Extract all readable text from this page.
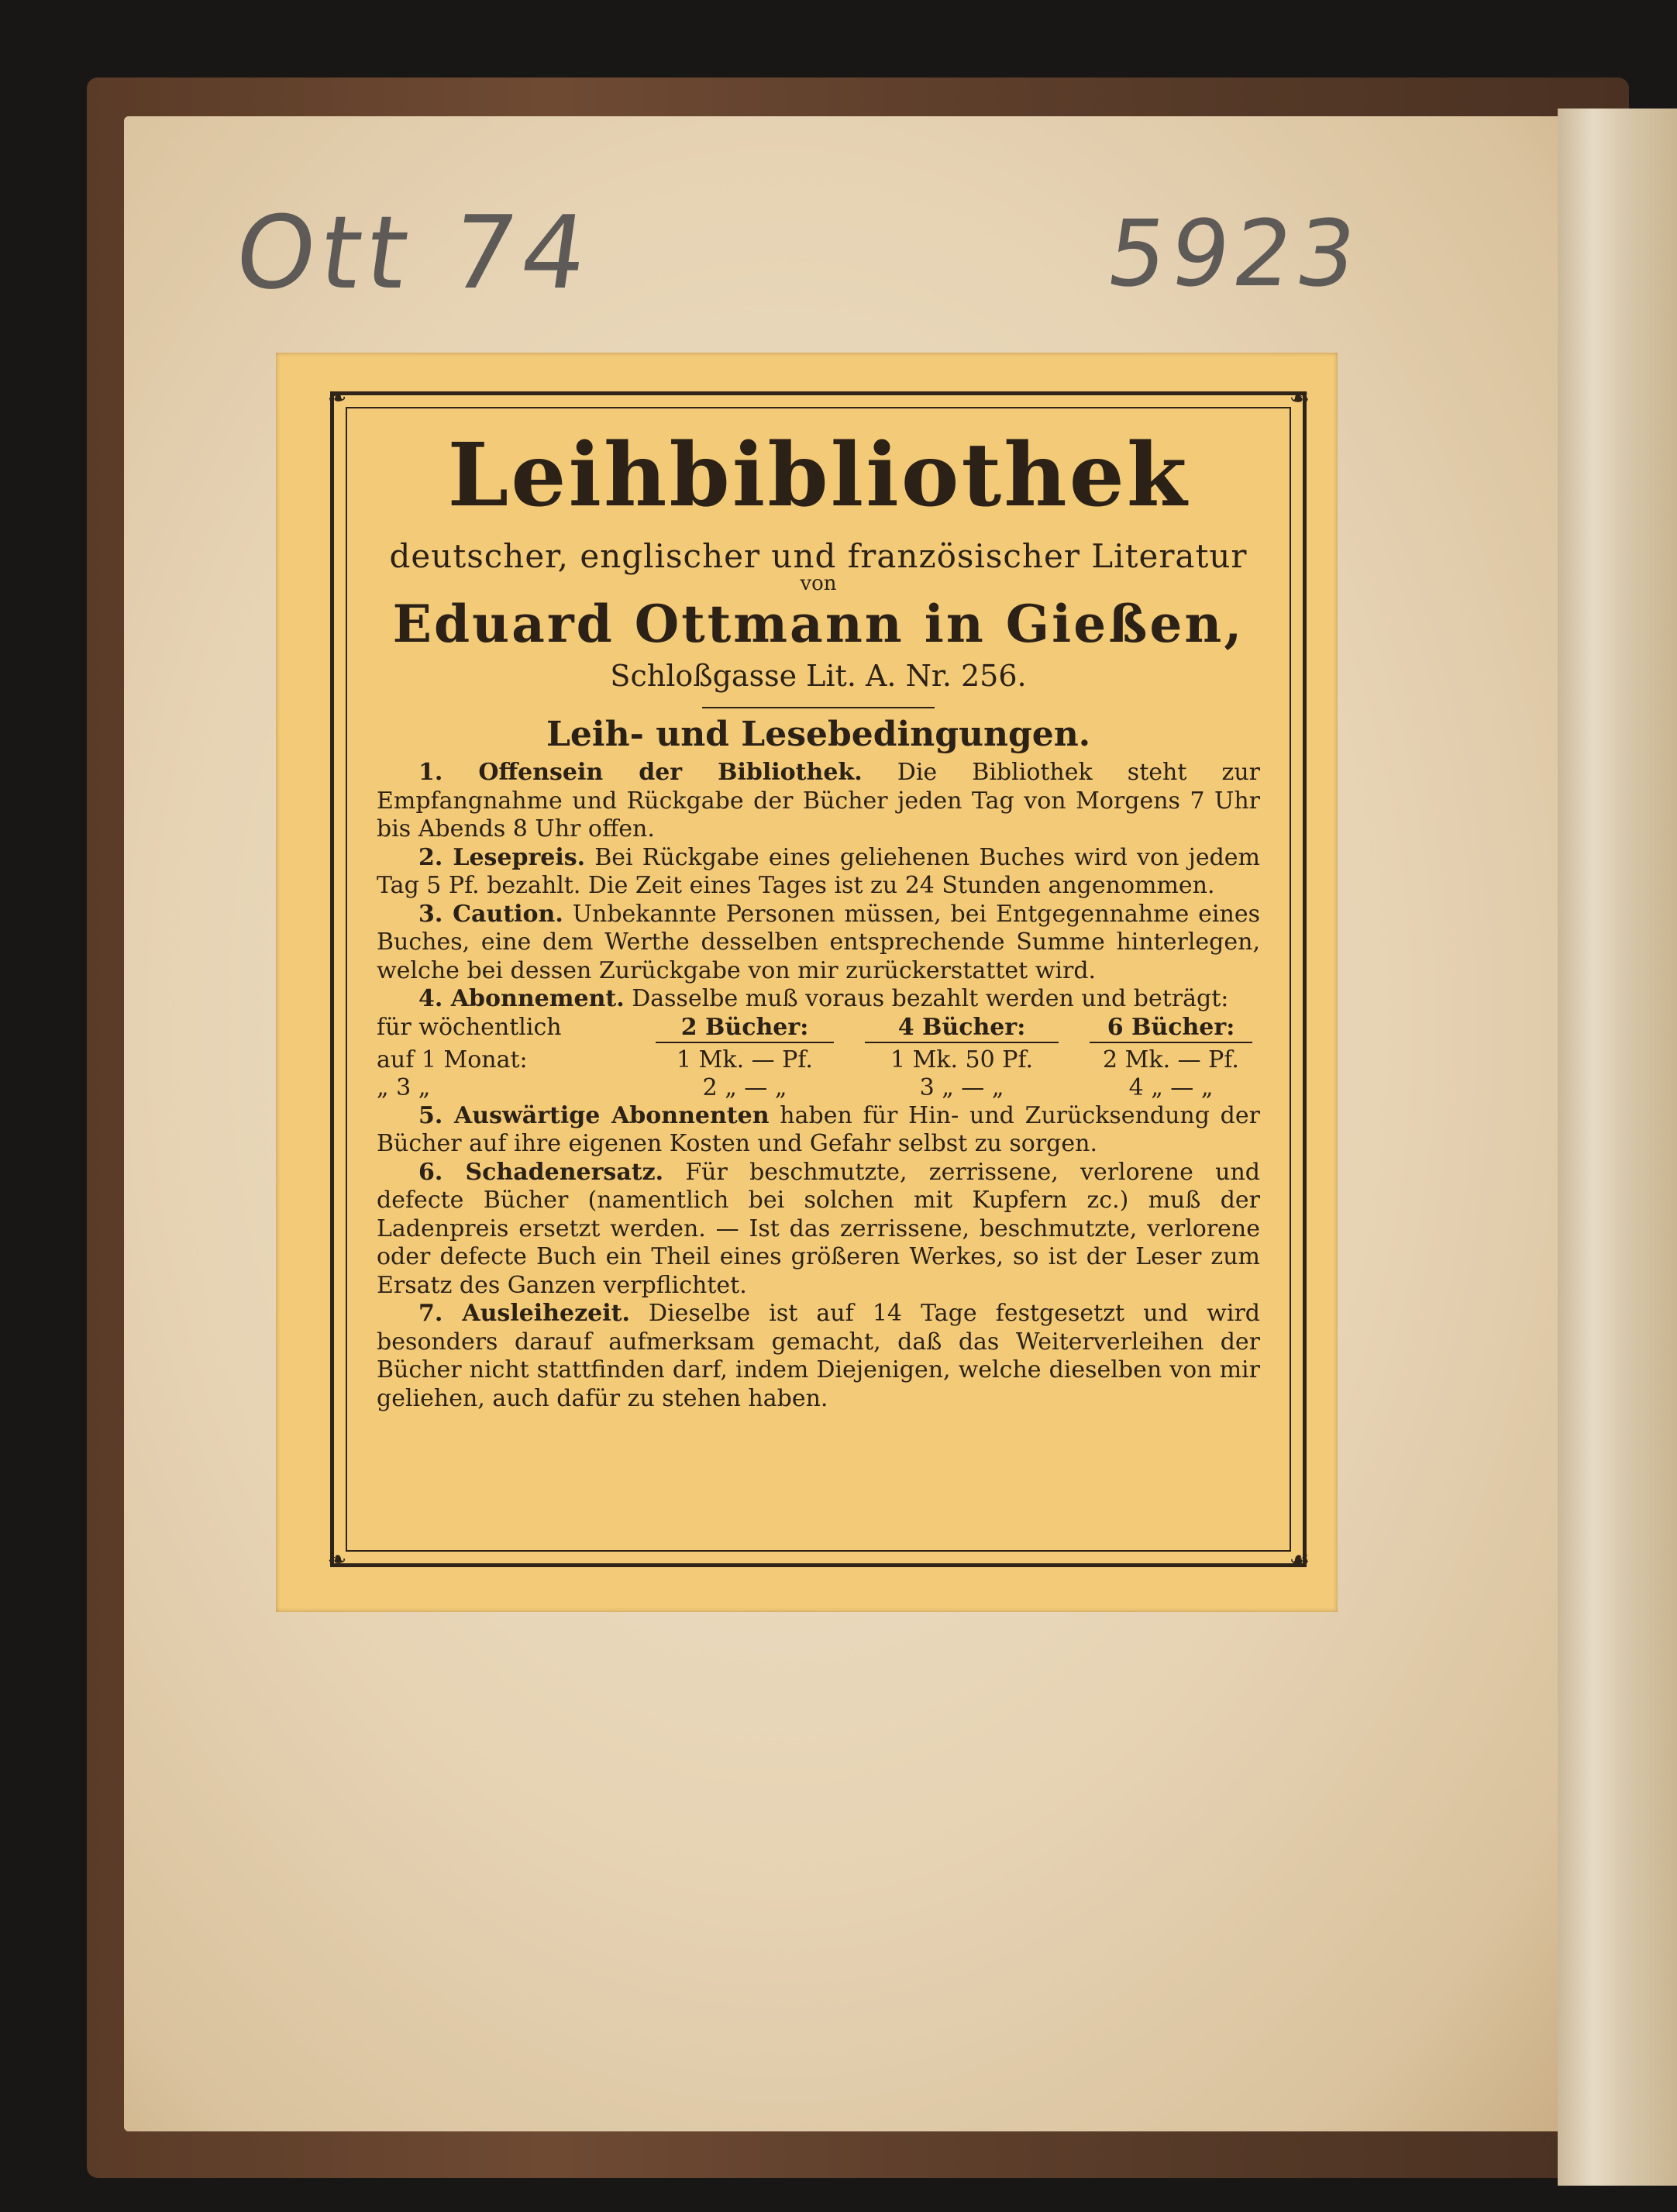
Ott 74	5923
❧	☙
❧	☙
Leihbibliothek
deutscher, englischer und französischer Literatur
von
Eduard Ottmann in Gießen,
Schloßgasse Lit. A. Nr. 256.
Leih- und Lesebedingungen.

1. Offensein der Bibliothek. Die Bibliothek steht zur Empfangnahme und Rückgabe der Bücher jeden Tag von Morgens 7 Uhr bis Abends 8 Uhr offen.

2. Lesepreis. Bei Rückgabe eines geliehenen Buches wird von jedem Tag 5 Pf. bezahlt. Die Zeit eines Tages ist zu 24 Stunden angenommen.

3. Caution. Unbekannte Personen müssen, bei Entgegennahme eines Buches, eine dem Werthe desselben entsprechende Summe hinterlegen, welche bei dessen Zurückgabe von mir zurückerstattet wird.

4. Abonnement. Dasselbe muß voraus bezahlt werden und beträgt:

für wöchentlich	2 Bücher:	4 Bücher:	6 Bücher:
auf 1 Monat:	1 Mk. — Pf.	1 Mk. 50 Pf.	2 Mk. — Pf.
„ 3 „	2 „ — „	3 „ — „	4 „ — „

5. Auswärtige Abonnenten haben für Hin- und Zurücksendung der Bücher auf ihre eigenen Kosten und Gefahr selbst zu sorgen.

6. Schadenersatz. Für beschmutzte, zerrissene, verlorene und defecte Bücher (namentlich bei solchen mit Kupfern zc.) muß der Ladenpreis ersetzt werden. — Ist das zerrissene, beschmutzte, verlorene oder defecte Buch ein Theil eines größeren Werkes, so ist der Leser zum Ersatz des Ganzen verpflichtet.

7. Ausleihezeit. Dieselbe ist auf 14 Tage festgesetzt und wird besonders darauf aufmerksam gemacht, daß das Weiterverleihen der Bücher nicht stattfinden darf, indem Diejenigen, welche dieselben von mir geliehen, auch dafür zu stehen haben.
